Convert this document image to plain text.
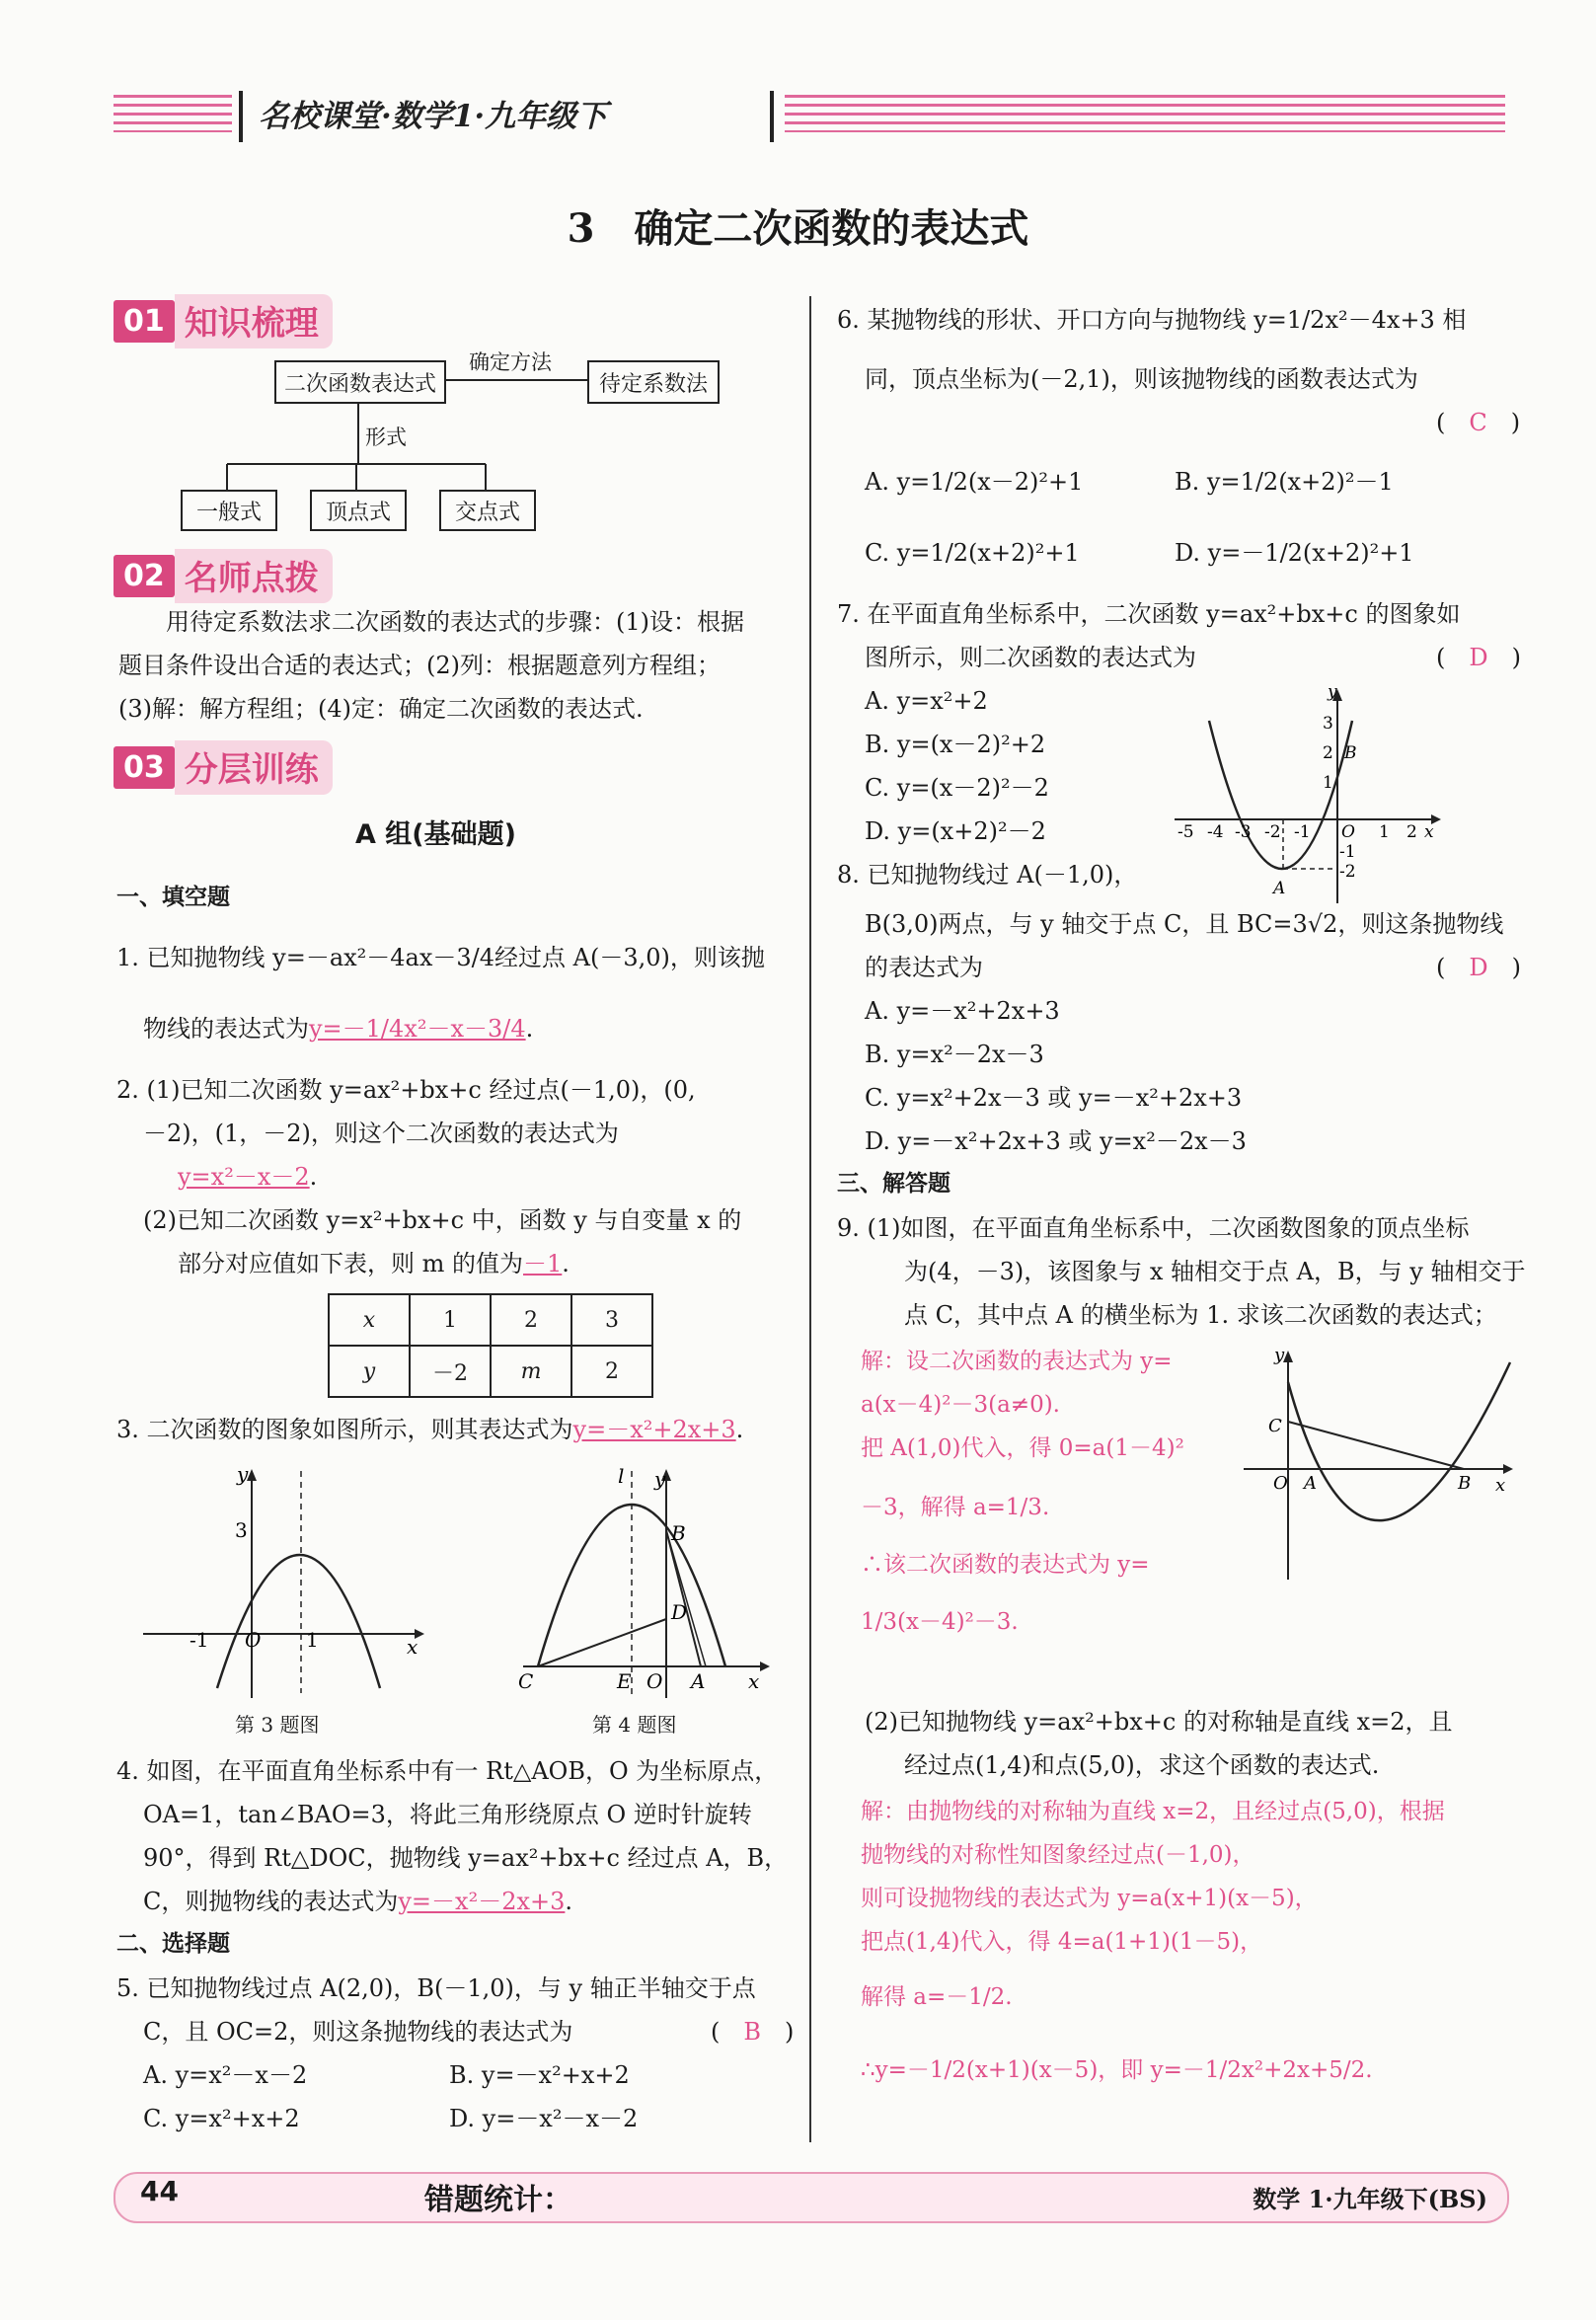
名校课堂·数学1·九年级下
3　确定二次函数的表达式
01 知识梳理
二次函数表达式
确定方法
待定系数法
形式
一般式	顶点式	交点式
02 名师点拨
用待定系数法求二次函数的表达式的步骤：(1)设：根据
题目条件设出合适的表达式；(2)列：根据题意列方程组；
(3)解：解方程组；(4)定：确定二次函数的表达式.
03 分层训练
A 组(基础题)
一、填空题
1. 已知抛物线 y=－ax²－4ax－3/4经过点 A(－3,0)，则该抛
物线的表达式为y=－1/4x²－x－3/4.
2. (1)已知二次函数 y=ax²+bx+c 经过点(－1,0)，(0,
－2)，(1，－2)，则这个二次函数的表达式为
y=x²－x－2.
(2)已知二次函数 y=x²+bx+c 中，函数 y 与自变量 x 的
部分对应值如下表，则 m 的值为－1.
x	1	2	3
y	－2	m	2
3. 二次函数的图象如图所示，则其表达式为y=－x²+2x+3.
y
x
3
-1 O 1
第 3 题图
y
l
B
D
C	E O A x
第 4 题图
4. 如图，在平面直角坐标系中有一 Rt△AOB，O 为坐标原点，
OA=1，tan∠BAO=3，将此三角形绕原点 O 逆时针旋转
90°，得到 Rt△DOC，抛物线 y=ax²+bx+c 经过点 A，B，
C，则抛物线的表达式为y=－x²－2x+3.
二、选择题
5. 已知抛物线过点 A(2,0)，B(－1,0)，与 y 轴正半轴交于点
C，且 OC=2，则这条抛物线的表达式为	(　B　)
A. y=x²－x－2	B. y=－x²+x+2
C. y=x²+x+2	D. y=－x²－x－2
6. 某抛物线的形状、开口方向与抛物线 y=1/2x²－4x+3 相
同，顶点坐标为(－2,1)，则该抛物线的函数表达式为
(　C　)
A. y=1/2(x－2)²+1	B. y=1/2(x+2)²－1
C. y=1/2(x+2)²+1	D. y=－1/2(x+2)²+1
7. 在平面直角坐标系中，二次函数 y=ax²+bx+c 的图象如
图所示，则二次函数的表达式为	(　D　)
A. y=x²+2
B. y=(x－2)²+2
C. y=(x－2)²－2
D. y=(x+2)²－2
y
3
2 B
1
-5 -4 -3 -2 -1 O 1 2 x
-1
-2
A
8. 已知抛物线过 A(－1,0)，
B(3,0)两点，与 y 轴交于点 C，且 BC=3√2，则这条抛物线
的表达式为	(　D　)
A. y=－x²+2x+3
B. y=x²－2x－3
C. y=x²+2x－3 或 y=－x²+2x+3
D. y=－x²+2x+3 或 y=x²－2x－3
三、解答题
9. (1)如图，在平面直角坐标系中，二次函数图象的顶点坐标
为(4，－3)，该图象与 x 轴相交于点 A，B，与 y 轴相交于
点 C，其中点 A 的横坐标为 1. 求该二次函数的表达式；
解：设二次函数的表达式为 y=
a(x－4)²－3(a≠0).
把 A(1,0)代入，得 0=a(1－4)²
－3，解得 a=1/3.
∴该二次函数的表达式为 y=
1/3(x－4)²－3.
y
C
O A	B x
(2)已知抛物线 y=ax²+bx+c 的对称轴是直线 x=2，且
经过点(1,4)和点(5,0)，求这个函数的表达式.
解：由抛物线的对称轴为直线 x=2，且经过点(5,0)，根据
抛物线的对称性知图象经过点(－1,0)，
则可设抛物线的表达式为 y=a(x+1)(x－5)，
把点(1,4)代入，得 4=a(1+1)(1－5)，
解得 a=－1/2.
∴y=－1/2(x+1)(x－5)，即 y=－1/2x²+2x+5/2.
44	错题统计：	数学 1·九年级下(BS)
